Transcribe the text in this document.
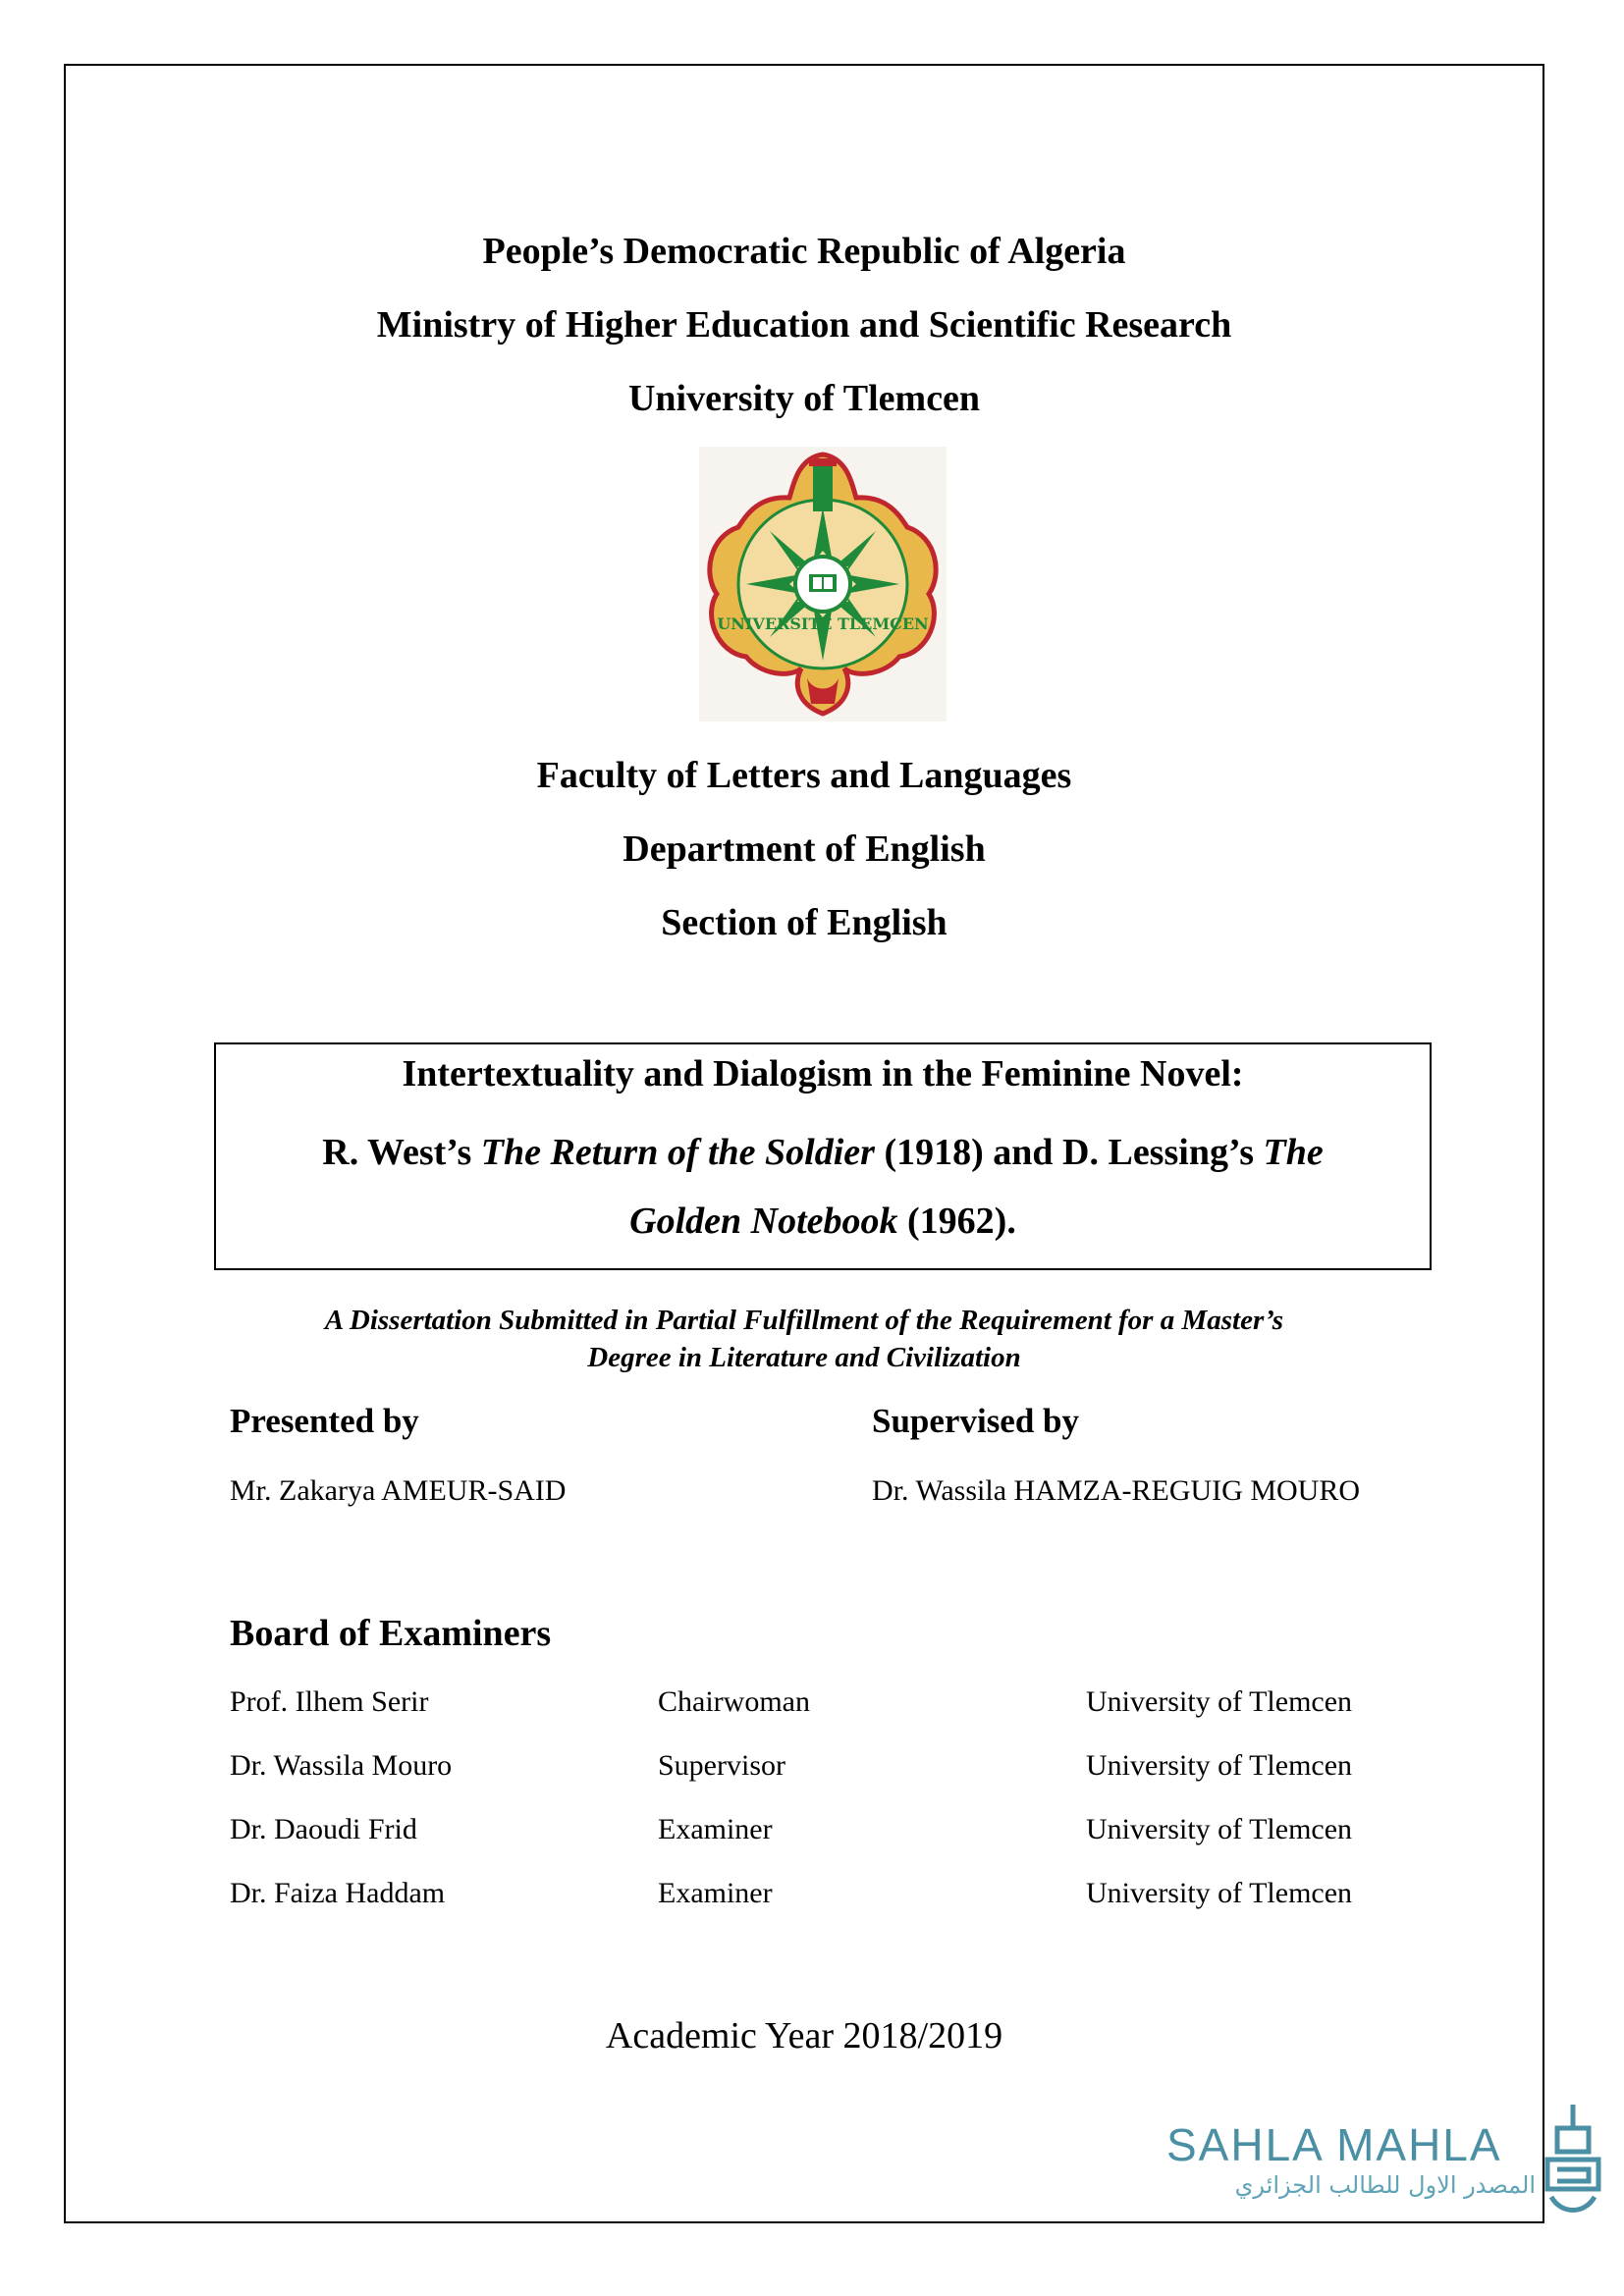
People’s Democratic Republic of Algeria
Ministry of Higher Education and Scientific Research
University of Tlemcen
UNIVERSITE TLEMCEN
Faculty of Letters and Languages
Department of English
Section of English
Intertextuality and Dialogism in the Feminine Novel:
R. West’s The Return of the Soldier (1918) and D. Lessing’s The
Golden Notebook (1962).
A Dissertation Submitted in Partial Fulfillment of the Requirement for a Master’s
Degree in Literature and Civilization
Presented by	Supervised by
Mr. Zakarya AMEUR-SAID	Dr. Wassila HAMZA-REGUIG MOURO
Board of Examiners
Prof. Ilhem Serir	Chairwoman	University of Tlemcen
Dr. Wassila Mouro	Supervisor	University of Tlemcen
Dr. Daoudi Frid	Examiner	University of Tlemcen
Dr. Faiza Haddam	Examiner	University of Tlemcen
Academic Year 2018/2019
SAHLA MAHLA
المصدر الاول للطالب الجزائري
